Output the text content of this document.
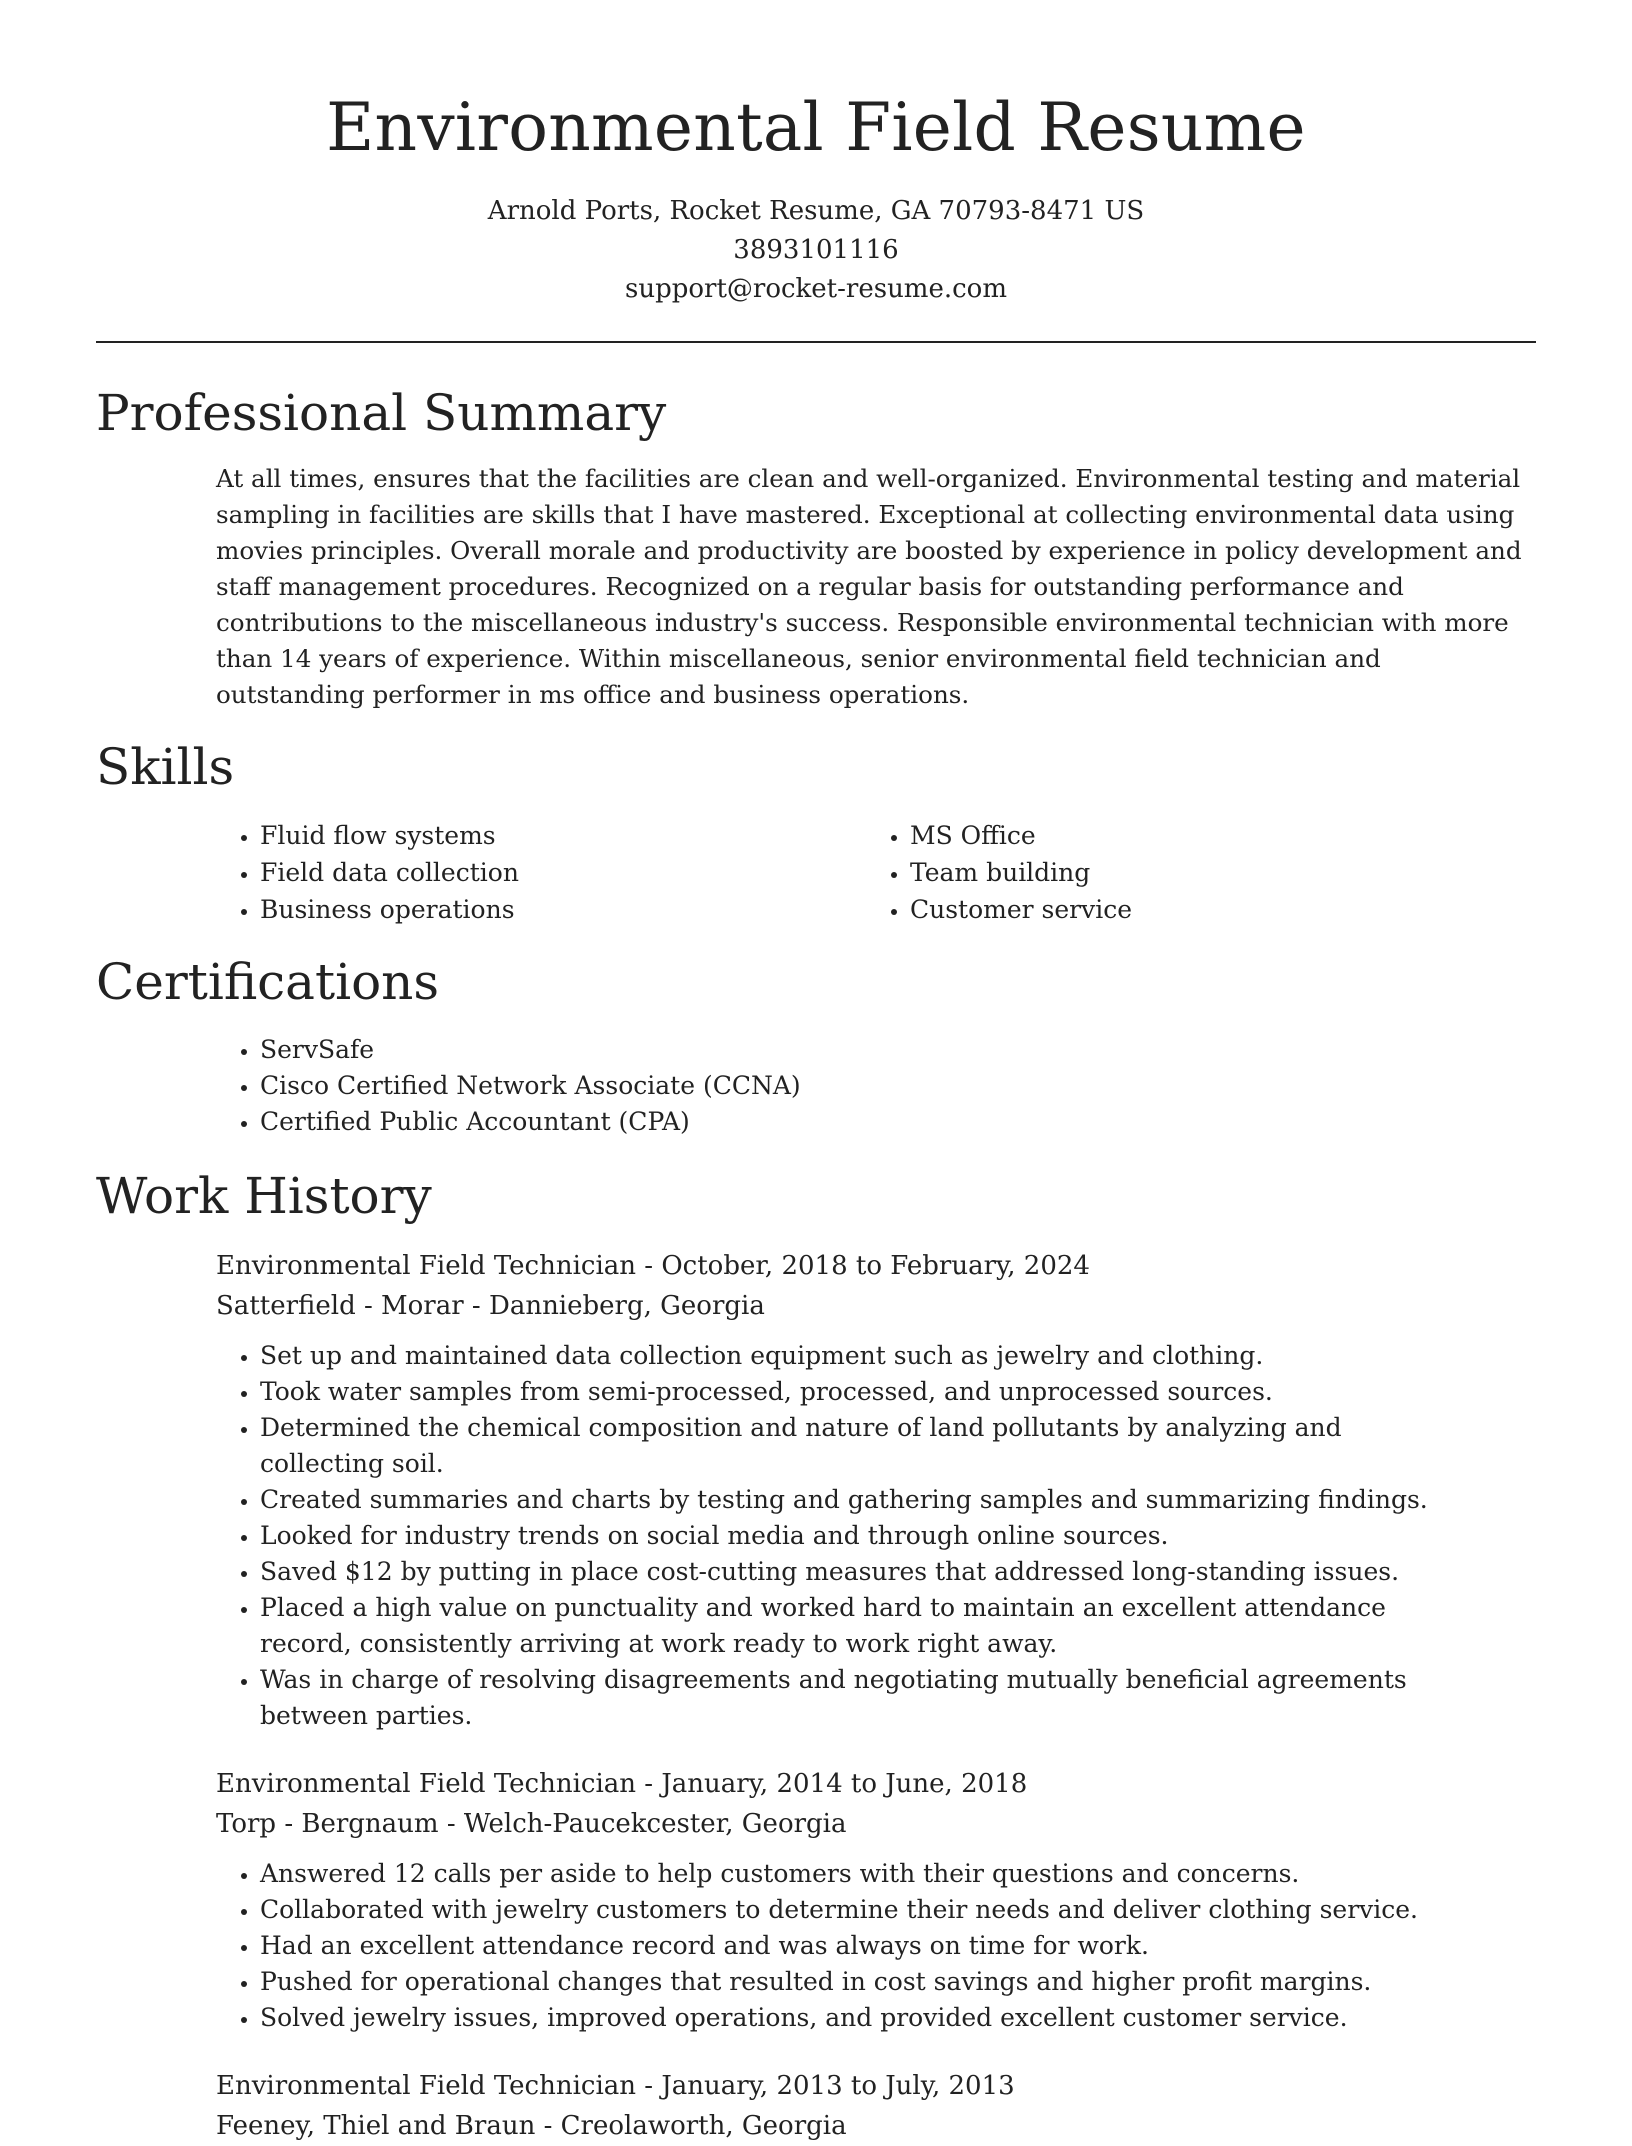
Environmental Field Resume
Arnold Ports, Rocket Resume, GA 70793-8471 US
3893101116
support@rocket-resume.com
Professional Summary

At all times, ensures that the facilities are clean and well-organized. Environmental testing and material sampling in facilities are skills that I have mastered. Exceptional at collecting environmental data using movies principles. Overall morale and productivity are boosted by experience in policy development and staff management procedures. Recognized on a regular basis for outstanding performance and contributions to the miscellaneous industry's success. Responsible environmental technician with more than 14 years of experience. Within miscellaneous, senior environmental field technician and outstanding performer in ms office and business operations.

Skills
• Fluid flow systems
• Field data collection
• Business operations
• MS Office
• Team building
• Customer service
Certifications
• ServSafe
• Cisco Certified Network Associate (CCNA)
• Certified Public Accountant (CPA)
Work History

Environmental Field Technician - October, 2018 to February, 2024

Satterfield - Morar - Dannieberg, Georgia

• Set up and maintained data collection equipment such as jewelry and clothing.
• Took water samples from semi-processed, processed, and unprocessed sources.
• Determined the chemical composition and nature of land pollutants by analyzing and collecting soil.
• Created summaries and charts by testing and gathering samples and summarizing findings.
• Looked for industry trends on social media and through online sources.
• Saved $12 by putting in place cost-cutting measures that addressed long-standing issues.
• Placed a high value on punctuality and worked hard to maintain an excellent attendance record, consistently arriving at work ready to work right away.
• Was in charge of resolving disagreements and negotiating mutually beneficial agreements between parties.

Environmental Field Technician - January, 2014 to June, 2018

Torp - Bergnaum - Welch-Paucekcester, Georgia

• Answered 12 calls per aside to help customers with their questions and concerns.
• Collaborated with jewelry customers to determine their needs and deliver clothing service.
• Had an excellent attendance record and was always on time for work.
• Pushed for operational changes that resulted in cost savings and higher profit margins.
• Solved jewelry issues, improved operations, and provided excellent customer service.

Environmental Field Technician - January, 2013 to July, 2013

Feeney, Thiel and Braun - Creolaworth, Georgia
